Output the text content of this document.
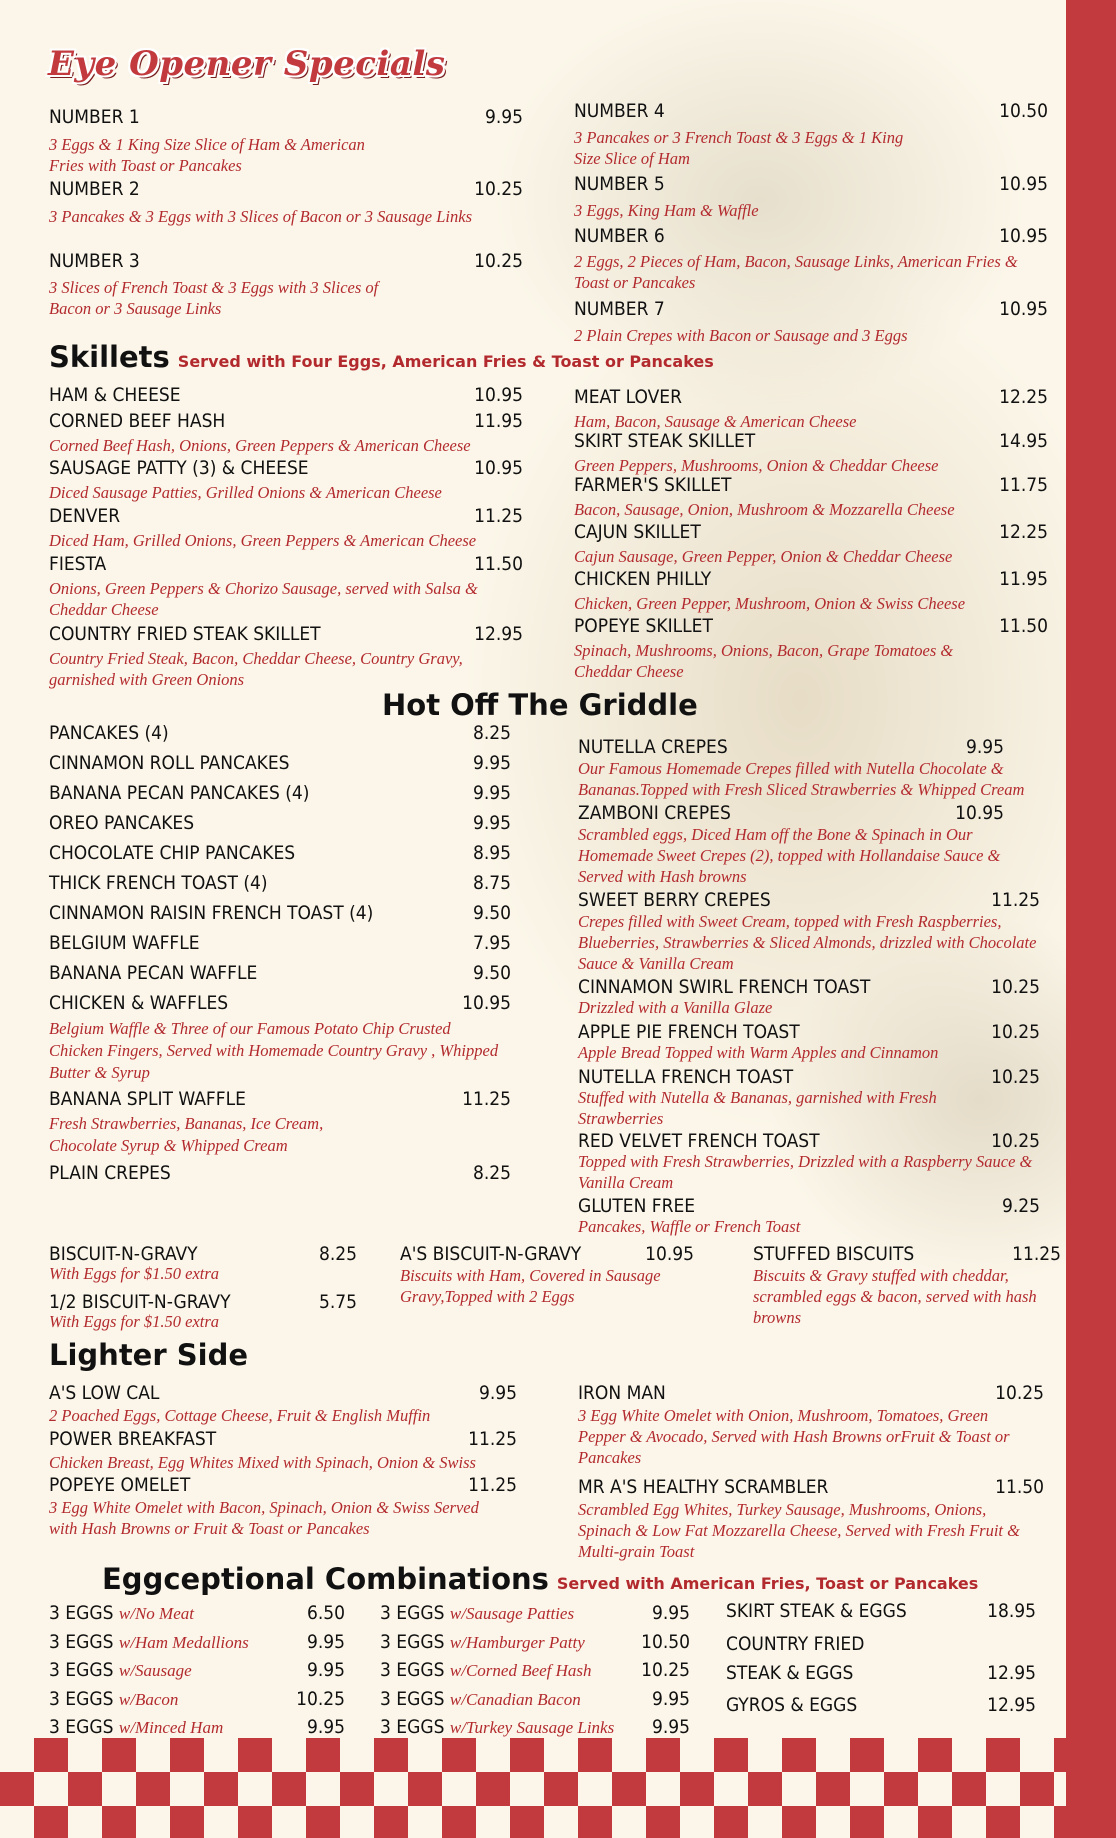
Eye Opener Specials
NUMBER 1	9.95
3 Eggs & 1 King Size Slice of Ham & American Fries with Toast or Pancakes
NUMBER 2	10.25
3 Pancakes & 3 Eggs with 3 Slices of Bacon or 3 Sausage Links
NUMBER 3	10.25
3 Slices of French Toast & 3 Eggs with 3 Slices of Bacon or 3 Sausage Links
NUMBER 4	10.50
3 Pancakes or 3 French Toast & 3 Eggs & 1 King Size Slice of Ham
NUMBER 5	10.95
3 Eggs, King Ham & Waffle
NUMBER 6	10.95
2 Eggs, 2 Pieces of Ham, Bacon, Sausage Links, American Fries & Toast or Pancakes
NUMBER 7	10.95
2 Plain Crepes with Bacon or Sausage and 3 Eggs
Skillets Served with Four Eggs, American Fries & Toast or Pancakes
HAM & CHEESE	10.95
CORNED BEEF HASH	11.95
Corned Beef Hash, Onions, Green Peppers & American Cheese
SAUSAGE PATTY (3) & CHEESE	10.95
Diced Sausage Patties, Grilled Onions & American Cheese
DENVER	11.25
Diced Ham, Grilled Onions, Green Peppers & American Cheese
FIESTA	11.50
Onions, Green Peppers & Chorizo Sausage, served with Salsa & Cheddar Cheese
COUNTRY FRIED STEAK SKILLET	12.95
Country Fried Steak, Bacon, Cheddar Cheese, Country Gravy, garnished with Green Onions
MEAT LOVER	12.25
Ham, Bacon, Sausage & American Cheese
SKIRT STEAK SKILLET	14.95
Green Peppers, Mushrooms, Onion & Cheddar Cheese
FARMER'S SKILLET	11.75
Bacon, Sausage, Onion, Mushroom & Mozzarella Cheese
CAJUN SKILLET	12.25
Cajun Sausage, Green Pepper, Onion & Cheddar Cheese
CHICKEN PHILLY	11.95
Chicken, Green Pepper, Mushroom, Onion & Swiss Cheese
POPEYE SKILLET	11.50
Spinach, Mushrooms, Onions, Bacon, Grape Tomatoes & Cheddar Cheese
Hot Off The Griddle
PANCAKES (4)	8.25
CINNAMON ROLL PANCAKES	9.95
BANANA PECAN PANCAKES (4)	9.95
OREO PANCAKES	9.95
CHOCOLATE CHIP PANCAKES	8.95
THICK FRENCH TOAST (4)	8.75
CINNAMON RAISIN FRENCH TOAST (4)	9.50
BELGIUM WAFFLE	7.95
BANANA PECAN WAFFLE	9.50
CHICKEN & WAFFLES	10.95
Belgium Waffle & Three of our Famous Potato Chip Crusted Chicken Fingers, Served with Homemade Country Gravy , Whipped Butter & Syrup
BANANA SPLIT WAFFLE	11.25
Fresh Strawberries, Bananas, Ice Cream, Chocolate Syrup & Whipped Cream
PLAIN CREPES	8.25
NUTELLA CREPES	9.95
Our Famous Homemade Crepes filled with Nutella Chocolate & Bananas.Topped with Fresh Sliced Strawberries & Whipped Cream
ZAMBONI CREPES	10.95
Scrambled eggs, Diced Ham off the Bone & Spinach in Our Homemade Sweet Crepes (2), topped with Hollandaise Sauce & Served with Hash browns
SWEET BERRY CREPES	11.25
Crepes filled with Sweet Cream, topped with Fresh Raspberries, Blueberries, Strawberries & Sliced Almonds, drizzled with Chocolate Sauce & Vanilla Cream
CINNAMON SWIRL FRENCH TOAST	10.25
Drizzled with a Vanilla Glaze
APPLE PIE FRENCH TOAST	10.25
Apple Bread Topped with Warm Apples and Cinnamon
NUTELLA FRENCH TOAST	10.25
Stuffed with Nutella & Bananas, garnished with Fresh Strawberries
RED VELVET FRENCH TOAST	10.25
Topped with Fresh Strawberries, Drizzled with a Raspberry Sauce & Vanilla Cream
GLUTEN FREE	9.25
Pancakes, Waffle or French Toast
BISCUIT-N-GRAVY	8.25
With Eggs for $1.50 extra
1/2 BISCUIT-N-GRAVY	5.75
With Eggs for $1.50 extra
A'S BISCUIT-N-GRAVY	10.95
Biscuits with Ham, Covered in Sausage Gravy,Topped with 2 Eggs
STUFFED BISCUITS	11.25
Biscuits & Gravy stuffed with cheddar, scrambled eggs & bacon, served with hash browns
Lighter Side
A'S LOW CAL	9.95
2 Poached Eggs, Cottage Cheese, Fruit & English Muffin
POWER BREAKFAST	11.25
Chicken Breast, Egg Whites Mixed with Spinach, Onion & Swiss
POPEYE OMELET	11.25
3 Egg White Omelet with Bacon, Spinach, Onion & Swiss Served with Hash Browns or Fruit & Toast or Pancakes
IRON MAN	10.25
3 Egg White Omelet with Onion, Mushroom, Tomatoes, Green Pepper & Avocado, Served with Hash Browns orFruit & Toast or Pancakes
MR A'S HEALTHY SCRAMBLER	11.50
Scrambled Egg Whites, Turkey Sausage, Mushrooms, Onions, Spinach & Low Fat Mozzarella Cheese, Served with Fresh Fruit & Multi-grain Toast
Eggceptional Combinations Served with American Fries, Toast or Pancakes
3 EGGS w/No Meat	6.50
3 EGGS w/Ham Medallions	9.95
3 EGGS w/Sausage	9.95
3 EGGS w/Bacon	10.25
3 EGGS w/Minced Ham	9.95
3 EGGS w/Sausage Patties	9.95
3 EGGS w/Hamburger Patty	10.50
3 EGGS w/Corned Beef Hash	10.25
3 EGGS w/Canadian Bacon	9.95
3 EGGS w/Turkey Sausage Links 9.95
SKIRT STEAK & EGGS	18.95
COUNTRY FRIED
STEAK & EGGS	12.95
GYROS & EGGS	12.95
